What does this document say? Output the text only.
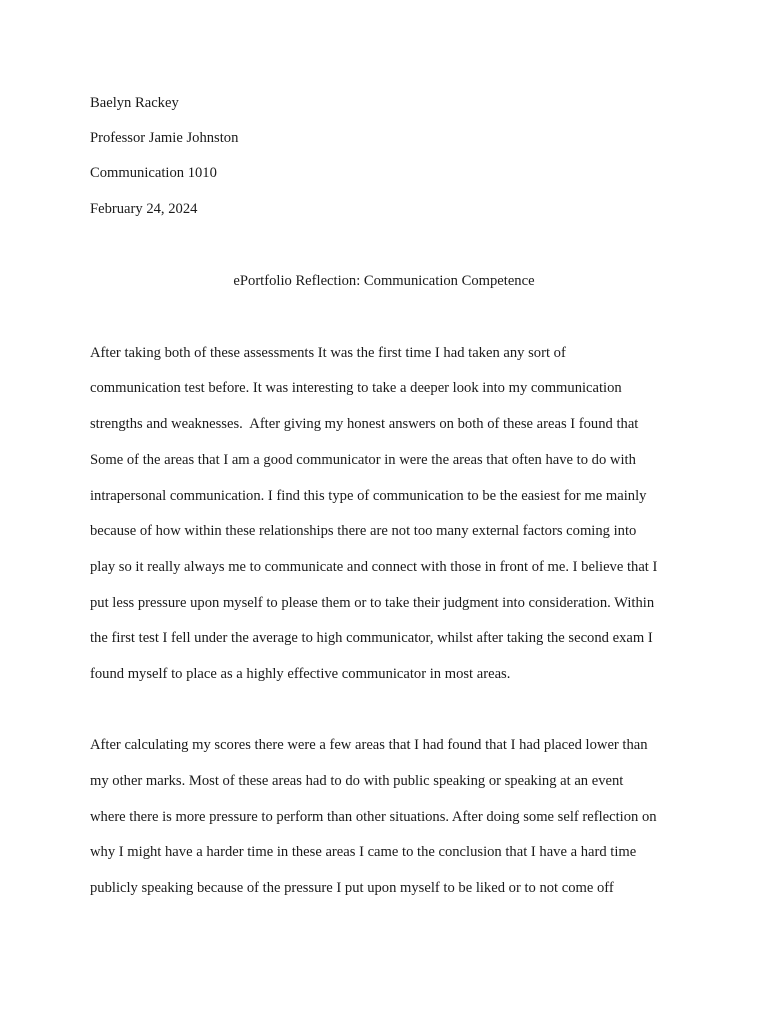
Baelyn Rackey

Professor Jamie Johnston

Communication 1010

February 24, 2024

ePortfolio Reflection: Communication Competence

After taking both of these assessments It was the first time I had taken any sort of

communication test before. It was interesting to take a deeper look into my communication

strengths and weaknesses.  After giving my honest answers on both of these areas I found that

Some of the areas that I am a good communicator in were the areas that often have to do with

intrapersonal communication. I find this type of communication to be the easiest for me mainly

because of how within these relationships there are not too many external factors coming into

play so it really always me to communicate and connect with those in front of me. I believe that I

put less pressure upon myself to please them or to take their judgment into consideration. Within

the first test I fell under the average to high communicator, whilst after taking the second exam I

found myself to place as a highly effective communicator in most areas.

After calculating my scores there were a few areas that I had found that I had placed lower than

my other marks. Most of these areas had to do with public speaking or speaking at an event

where there is more pressure to perform than other situations. After doing some self reflection on

why I might have a harder time in these areas I came to the conclusion that I have a hard time

publicly speaking because of the pressure I put upon myself to be liked or to not come off
